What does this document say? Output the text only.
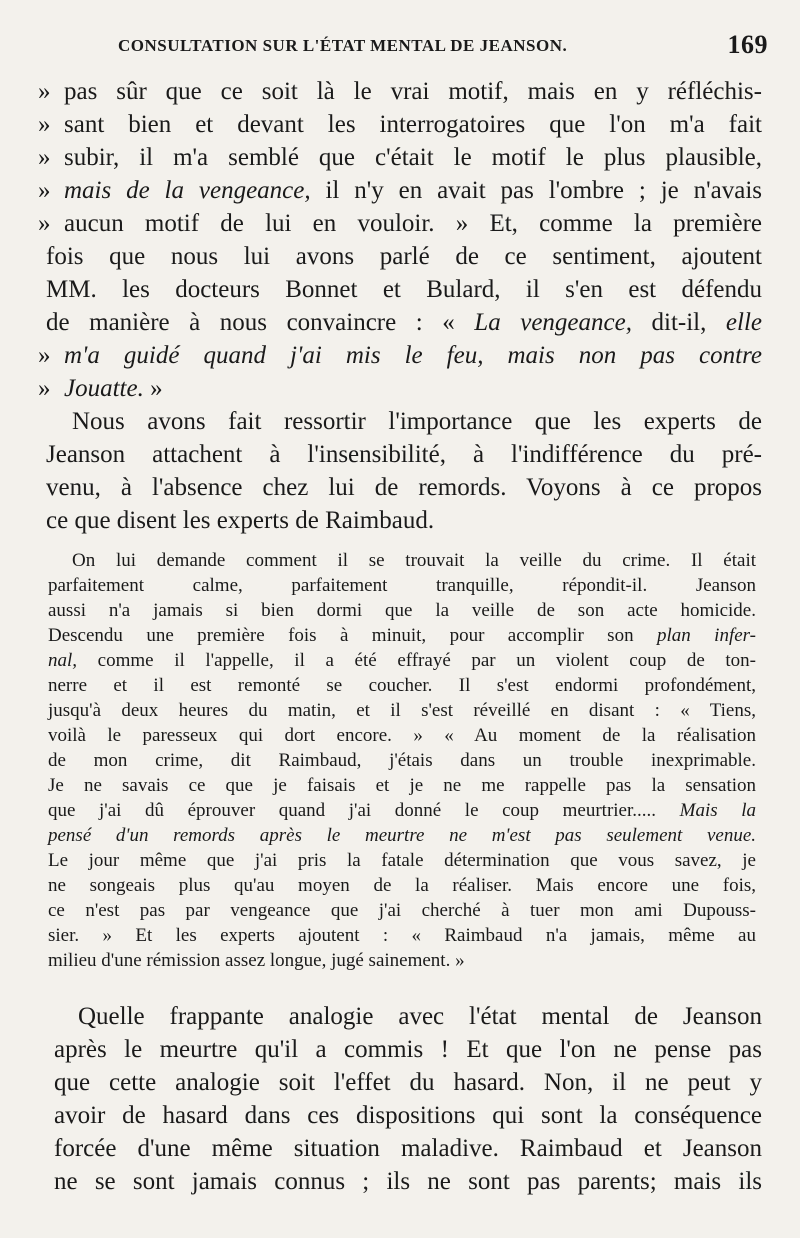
CONSULTATION SUR L'ÉTAT MENTAL DE JEANSON.	169
» pas sûr que ce soit là le vrai motif, mais en y réfléchis-
» sant bien et devant les interrogatoires que l'on m'a fait
» subir, il m'a semblé que c'était le motif le plus plausible,
» mais de la vengeance, il n'y en avait pas l'ombre ; je n'avais
» aucun motif de lui en vouloir. » Et, comme la première
fois que nous lui avons parlé de ce sentiment, ajoutent
MM. les docteurs Bonnet et Bulard, il s'en est défendu
de manière à nous convaincre : « La vengeance, dit-il, elle
» m'a guidé quand j'ai mis le feu, mais non pas contre
» Jouatte. »
Nous avons fait ressortir l'importance que les experts de
Jeanson attachent à l'insensibilité, à l'indifférence du pré-
venu, à l'absence chez lui de remords. Voyons à ce propos
ce que disent les experts de Raimbaud.
On lui demande comment il se trouvait la veille du crime. Il était
parfaitement calme, parfaitement tranquille, répondit-il. Jeanson
aussi n'a jamais si bien dormi que la veille de son acte homicide.
Descendu une première fois à minuit, pour accomplir son plan infer-
nal, comme il l'appelle, il a été effrayé par un violent coup de ton-
nerre et il est remonté se coucher. Il s'est endormi profondément,
jusqu'à deux heures du matin, et il s'est réveillé en disant : « Tiens,
voilà le paresseux qui dort encore. » « Au moment de la réalisation
de mon crime, dit Raimbaud, j'étais dans un trouble inexprimable.
Je ne savais ce que je faisais et je ne me rappelle pas la sensation
que j'ai dû éprouver quand j'ai donné le coup meurtrier..... Mais la
pensé d'un remords après le meurtre ne m'est pas seulement venue.
Le jour même que j'ai pris la fatale détermination que vous savez, je
ne songeais plus qu'au moyen de la réaliser. Mais encore une fois,
ce n'est pas par vengeance que j'ai cherché à tuer mon ami Dupouss-
sier. » Et les experts ajoutent : « Raimbaud n'a jamais, même au
milieu d'une rémission assez longue, jugé sainement. »
Quelle frappante analogie avec l'état mental de Jeanson
après le meurtre qu'il a commis ! Et que l'on ne pense pas
que cette analogie soit l'effet du hasard. Non, il ne peut y
avoir de hasard dans ces dispositions qui sont la conséquence
forcée d'une même situation maladive. Raimbaud et Jeanson
ne se sont jamais connus ; ils ne sont pas parents; mais ils
